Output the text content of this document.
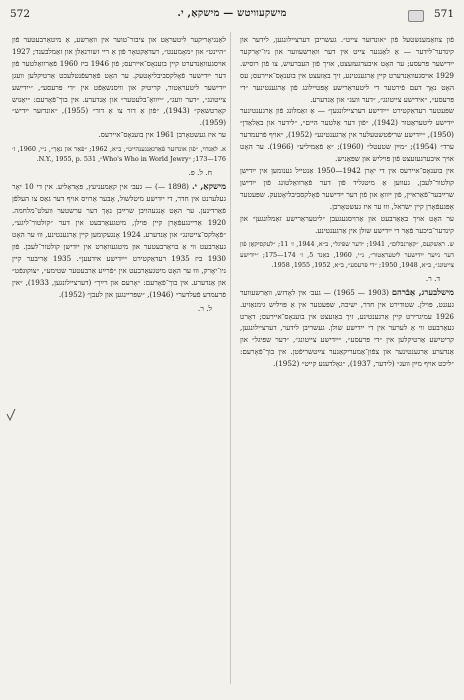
572	מישקעוויטש — מישקאַ, י.	571

פֿון צוזאַמענשטעל פֿון ״אונדזער צייט״. געשריבן דערציילונגען, לידער און קינדער־לידער — אַ לאַנגער צייט אין דער וואַרשעווער און ניו־יאָרקער ייִדישער פּרעסע; ער האָט איבערגעזעצט, אויך פֿון העברעיִש, צו פֿון רוסיש. 1929 אויסגעוואַנדערט קיין אַרגענטינע, זיך באַזעצט אין בוענאָס־איירעס; עס האָט נאָך דעם פֿירטער די ליטעראַרישע אָפּטיילונג פֿון אַרגענטינער ״די פּרעסע״, ״אידישע צייטונג״, ״דער וועג״ און אַנדערע.

שפּעטער רעדאַקטירט ״ייִדישע דערציילונגען״ — אַ זאַמלונג פֿון אַרגענטינער ייִדישע ליטעראַטור (1942), ״פֿון דער אַלטער היים״, ״לידער און באַלאַדן״ (1950), ״ייִדישע שריפֿטשטעלער אין אַרגענטינע״ (1952), ״אויף פֿרעמדער ערד״ (1954); ״מײַן שטעטל״ (1960); ״אַ פֿאַמיליע״ (1966). ער האָט אויך איבערגעזעצט פֿון פּויליש און שפּאַניש.

אין בוענאָס־איירעס אין די יאָרן 1942—1950 אַנטייל גענומען אין ייִדישן קולטור־לעבן, געווען אַ מיטגליד פֿון דער פֿאַרוואַלטונג פֿון ייִדישן שרײַבער־פֿאַראיין, פֿון ייִוואָ און פֿון דער ייִדישער פֿאָלקסביבליאָטעק. שפּעטער אָפּגעפֿאָרן קיין ישׂראל, וווּ ער איז געשטאָרבן.

ער האָט אויך באַאַרבעט און אַרויסגעגעבן ״ליטעראַרישע זאַמלונגען״ און קינדער־ביכער פֿאַר די ייִדישע שולן אין אַרגענטינע.

ש. ראַשקעס, ״קאָרנבלום״, 1941; ״דער שפּיגל״, ב״א, 1944, ז׳ 11; ״לעקסיקאָן פֿון דער נײַער ייִדישער ליטעראַטור״, נ״י, 1960, באַנד 5, ז׳ 174—175; ״ייִדישע צייטונג״, ב״א, 1948, 1950; ״די פּרעסע״, ב״א, 1952, 1955, 1958.

ד. ר.

מישלבערג, אַבֿרהם (1903 — 1965) — געב׳ אין לאָדזש, וואַרשעווער געגנט, פּוילן. שטודירט אין חדר, ישיבה, שפּעטער אין אַ פּויליש גימנאַזיע. 1926 עמיגרירט קיין אַרגענטינע, זיך באַזעצט אין בוענאָס־איירעס; דאָרט געאַרבעט ווי אַ לערער אין די ייִדישע שולן. געשריבן לידער, דערציילונגען, קריטישע אַרטיקלען אין ״די פּרעסע״, ״ייִדישע צייטונג״, ״דער שפּיגל״ און אַנדערע אַרגענטינער און צפֿון־אַמעריקאַנער צײַטשריפֿטן. אין בוך־פֿאָרעם: ״ליכט אויף מײַן וועג״ (לידער, 1937), ״גאָלדענע קייט״ (1952).

לאַנגיאָריקער ליטעראַט און ציבור־טוער אין וואַרשע, אַ מיטאַרבעטער פֿון ״היינט״ און ״מאָמענט״, רעדאַקטאָר פֿון אַ ריי זשורנאַלן און זאַמלבענד; 1927 אויסגעוואַנדערט קיין בוענאָס־איירעס; פֿון 1946 ביז 1960 פֿאַרוואַלטער פֿון דער ייִדישער פֿאָלקסביבליאָטעק. ער האָט פֿאַרעפֿנטלעכט אַרטיקלען וועגן ייִדישער ליטעראַטור, קריטיק און וויסנשאַפֿט אין ״די פּרעסע״, ״ייִדישע צייטונג״, ״דער וועג״, ״ייִוואָ־בלעטער״ און אַנדערע. אין בוך־פֿאָרעם: ״יאַנוש קאָרטשאַק״ (1943), ״פֿון אַ דור צו אַ דור״ (1955), ״אונדזער ייִדיש״ (1959).

ער איז געשטאָרבן 1961 אין בוענאָס־איירעס.

א. לאַנדוי, ״פֿון אונדזער פֿאַרגאַנגענהייט״, ב״א, 1962; ״פֿאַר און נאָך״, נ״י, 1960, ז׳ 176—173; ״Who's Who in World Jewry״, N.Y., 1955, p. 531.

ח. ל. פ.

מישקאַ, י. (1898 —) — געב׳ אין קאַמעניעץ, פּאָדאָליע. אין די 10 יאָר געלערנט אין חדר, די ייִדישע מיטלשול, אָבער אַרויס אויף דער גאַס צו העלפֿן פֿאַרדינען. ער האָט אָנגעהויבן שרײַבן נאָך דער ערשטער וועלט־מלחמה. 1920 אַריינגעפֿאָרן קיין פּוילן, מיטגעאַרבעט אין דער ״קולטור־ליגע״, ״פֿאָלקס־צייטונג״ און אַנדערע. 1924 אָנגעקומען קיין אַרגענטינע, וווּ ער האָט געאַרבעט ווי אַ בויאַרבעטער און מיטגעוואַרט אין ייִדישן קולטור־לעבן. פֿון 1930 ביז 1935 רעדאַקטירט ״ייִדישע אידעען״. 1935 אַריבער קיין ניו־יאָרק, וווּ ער האָט מיטגעאַרבעט אין ״פֿרײַע אַרבעטער שטימע״, ״צוקונפֿט״ און אַנדערע. אין בוך־פֿאָרעם: ״אָרעם און רײַך״ (דערציילונגען, 1933), ״אין פֿרעמדע פֿעלדער״ (1946), ״שפּריינגען און לעבן״ (1952).

ל. ר.
